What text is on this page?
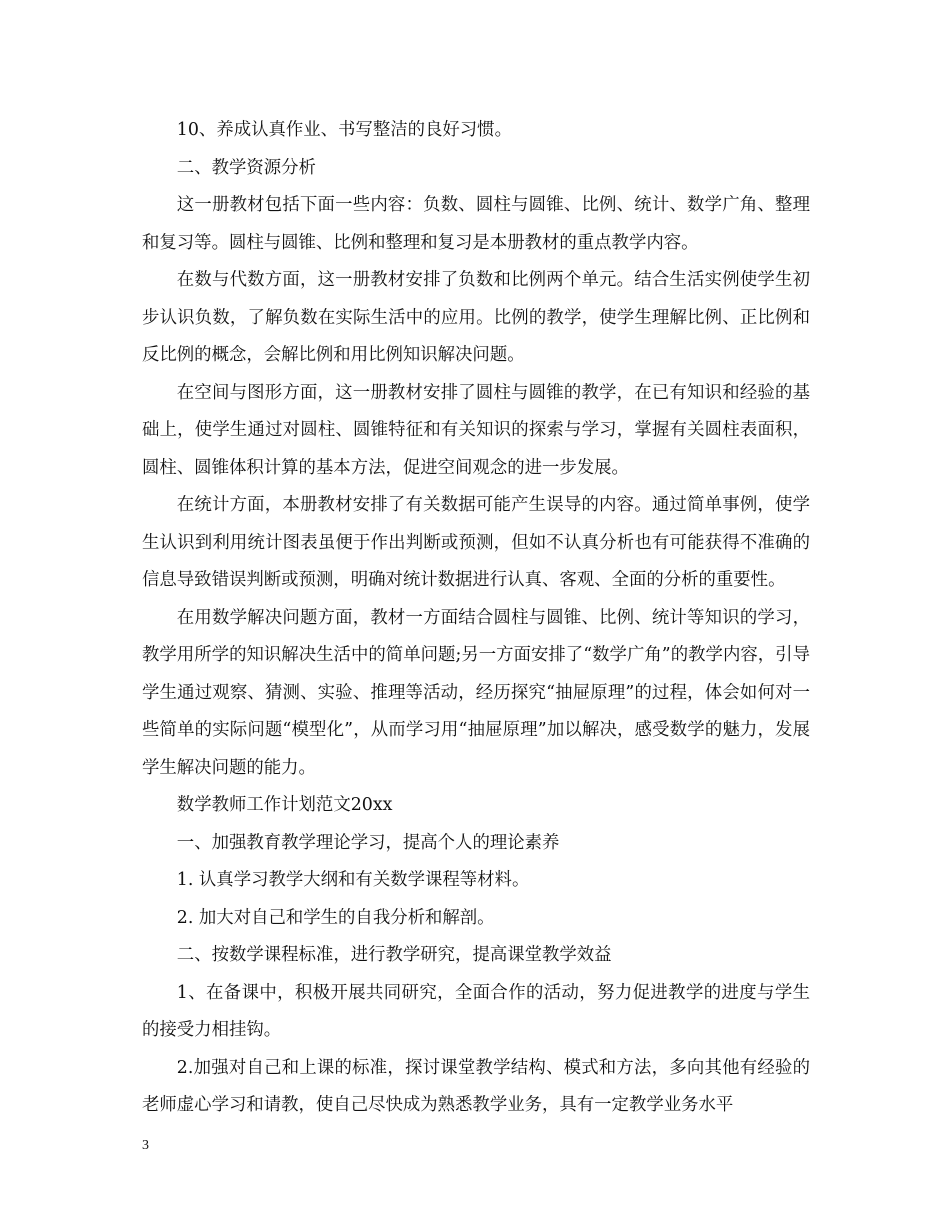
10、养成认真作业、书写整洁的良好习惯。

二、教学资源分析

这一册教材包括下面一些内容：负数、圆柱与圆锥、比例、统计、数学广角、整理和复习等。圆柱与圆锥、比例和整理和复习是本册教材的重点教学内容。

在数与代数方面，这一册教材安排了负数和比例两个单元。结合生活实例使学生初步认识负数，了解负数在实际生活中的应用。比例的教学，使学生理解比例、正比例和反比例的概念，会解比例和用比例知识解决问题。

在空间与图形方面，这一册教材安排了圆柱与圆锥的教学，在已有知识和经验的基础上，使学生通过对圆柱、圆锥特征和有关知识的探索与学习，掌握有关圆柱表面积，圆柱、圆锥体积计算的基本方法，促进空间观念的进一步发展。

在统计方面，本册教材安排了有关数据可能产生误导的内容。通过简单事例，使学生认识到利用统计图表虽便于作出判断或预测，但如不认真分析也有可能获得不准确的信息导致错误判断或预测，明确对统计数据进行认真、客观、全面的分析的重要性。

在用数学解决问题方面，教材一方面结合圆柱与圆锥、比例、统计等知识的学习，教学用所学的知识解决生活中的简单问题;另一方面安排了“数学广角”的教学内容，引导学生通过观察、猜测、实验、推理等活动，经历探究“抽屉原理”的过程，体会如何对一些简单的实际问题“模型化”，从而学习用“抽屉原理”加以解决，感受数学的魅力，发展学生解决问题的能力。

数学教师工作计划范文20xx

一、加强教育教学理论学习，提高个人的理论素养

1. 认真学习教学大纲和有关数学课程等材料。

2. 加大对自己和学生的自我分析和解剖。

二、按数学课程标准，进行教学研究，提高课堂教学效益

1、在备课中，积极开展共同研究，全面合作的活动，努力促进教学的进度与学生的接受力相挂钩。

2.加强对自己和上课的标准，探讨课堂教学结构、模式和方法，多向其他有经验的老师虚心学习和请教，使自己尽快成为熟悉教学业务，具有一定教学业务水平

3
